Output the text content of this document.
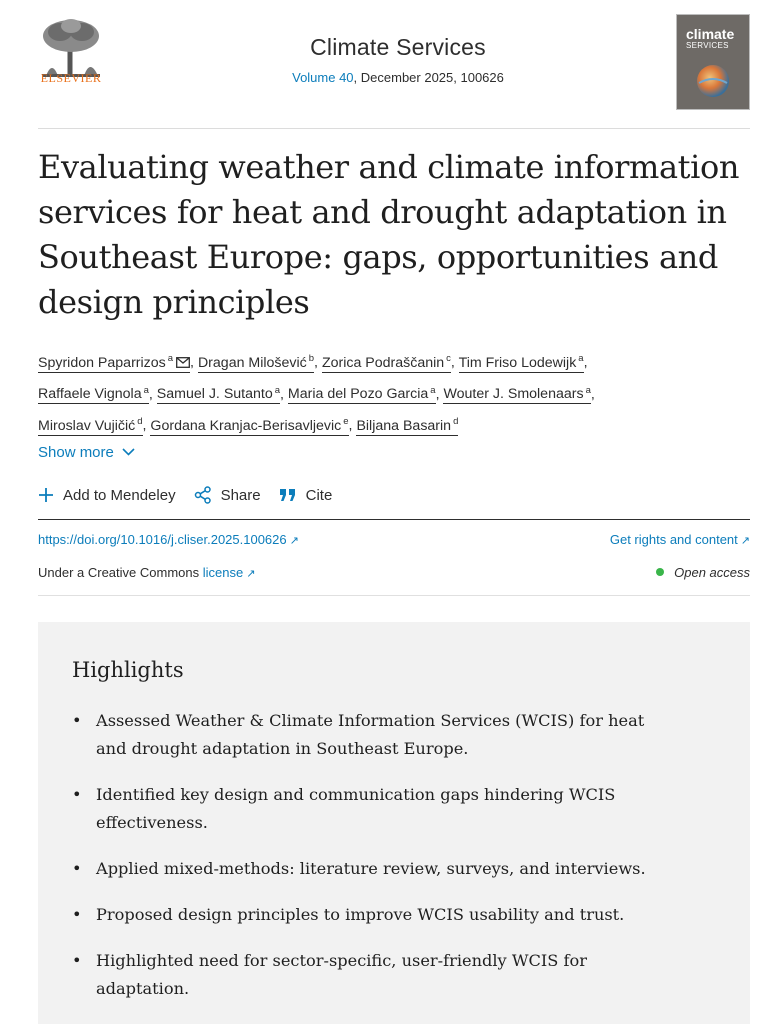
ELSEVIER
Climate Services
Volume 40, December 2025, 100626
climate
SERVICES
Evaluating weather and climate information services for heat and drought adaptation in Southeast Europe: gaps, opportunities and design principles
Spyridon Paparrizos $^a$ , Dragan Milošević $^b$, Zorica Podraščanin $^c$, Tim Friso Lodewijk $^a$,
Raffaele Vignola $^a$, Samuel J. Sutanto $^a$, Maria del Pozo Garcia $^a$, Wouter J. Smolenaars $^a$,
Miroslav Vujičić $^d$, Gordana Kranjac-Berisavljevic $^e$, Biljana Basarin $^d$
Show more
Add to Mendeley	Share	Cite
https://doi.org/10.1016/j.cliser.2025.100626 ↗	Get rights and content ↗
Under a Creative Commons license ↗	Open access
Highlights
• Assessed Weather & Climate Information Services (WCIS) for heat and drought adaptation in Southeast Europe.
• Identified key design and communication gaps hindering WCIS effectiveness.
• Applied mixed-methods: literature review, surveys, and interviews.
• Proposed design principles to improve WCIS usability and trust.
• Highlighted need for sector-specific, user-friendly WCIS for adaptation.
